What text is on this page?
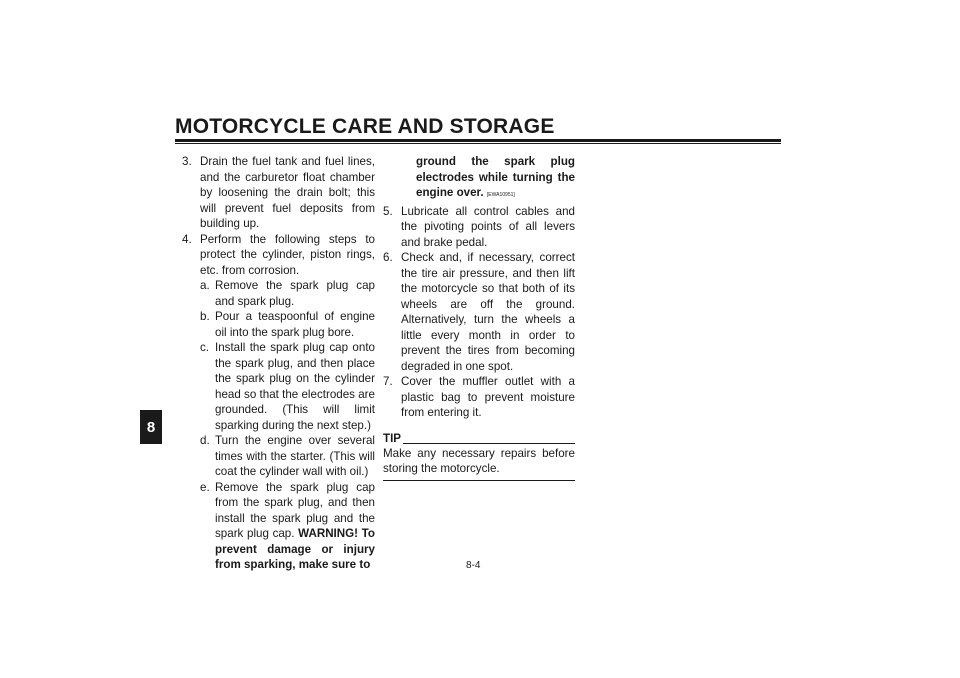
MOTORCYCLE CARE AND STORAGE
8
3. Drain the fuel tank and fuel lines, and the carburetor float chamber by loosening the drain bolt; this will prevent fuel deposits from building up.
4. Perform the following steps to protect the cylinder, piston rings, etc. from corrosion.
a. Remove the spark plug cap and spark plug.
b. Pour a teaspoonful of engine oil into the spark plug bore.
c. Install the spark plug cap onto the spark plug, and then place the spark plug on the cylinder head so that the electrodes are grounded. (This will limit sparking during the next step.)
d. Turn the engine over several times with the starter. (This will coat the cylinder wall with oil.)
e. Remove the spark plug cap from the spark plug, and then install the spark plug and the spark plug cap. WARNING! To prevent damage or injury from sparking, make sure to
ground the spark plug electrodes while turning the engine over. [EWA10951]
5. Lubricate all control cables and the pivoting points of all levers and brake pedal.
6. Check and, if necessary, correct the tire air pressure, and then lift the motorcycle so that both of its wheels are off the ground. Alternatively, turn the wheels a little every month in order to prevent the tires from becoming degraded in one spot.
7. Cover the muffler outlet with a plastic bag to prevent moisture from entering it.
TIP

Make any necessary repairs before storing the motorcycle.

8-4
